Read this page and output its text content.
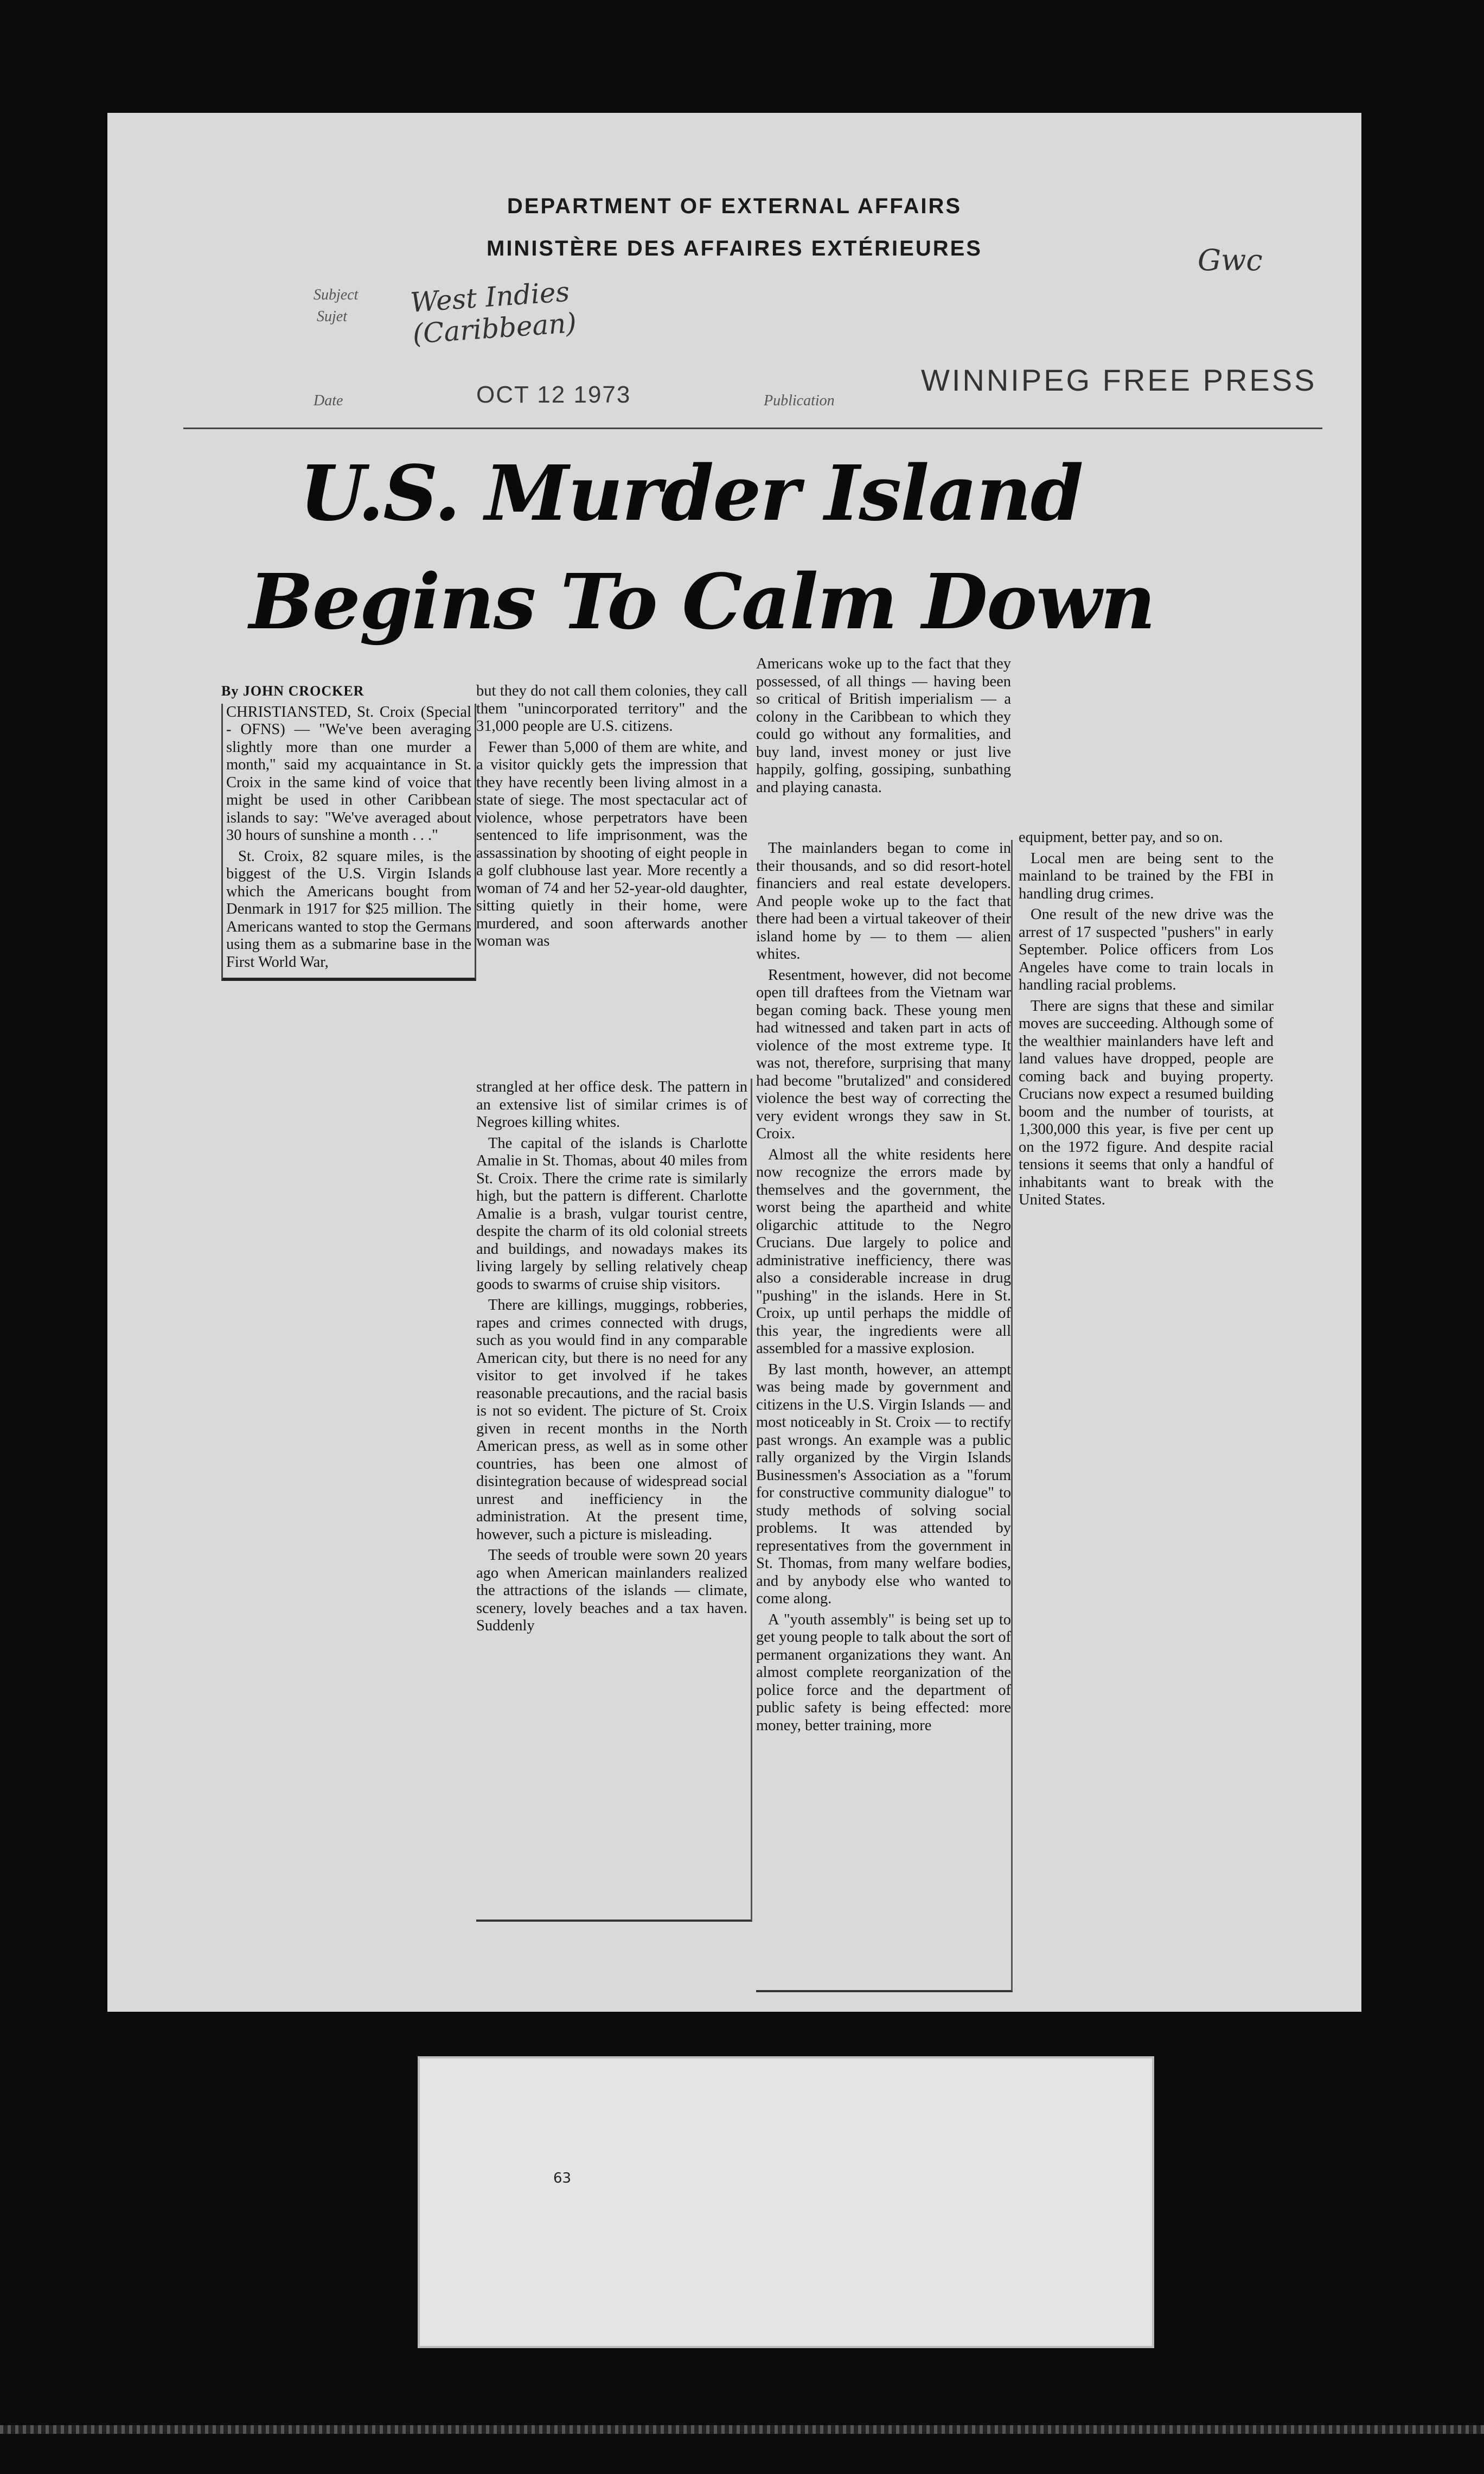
DEPARTMENT OF EXTERNAL AFFAIRS
MINISTÈRE DES AFFAIRES EXTÉRIEURES
Subject
Sujet West Indies (Caribbean)
Gwc
Date	OCT 12 1973	Publication
WINNIPEG FREE PRESS
U.S. Murder Island
Begins To Calm Down

By JOHN CROCKER

CHRISTIANSTED, St. Croix (Special - OFNS) — "We've been averaging slightly more than one murder a month," said my acquaintance in St. Croix in the same kind of voice that might be used in other Caribbean islands to say: "We've averaged about 30 hours of sunshine a month . . ."

St. Croix, 82 square miles, is the biggest of the U.S. Virgin Islands which the Americans bought from Denmark in 1917 for $25 million. The Americans wanted to stop the Germans using them as a submarine base in the First World War,

but they do not call them colonies, they call them "unincorporated territory" and the 31,000 people are U.S. citizens.

Fewer than 5,000 of them are white, and a visitor quickly gets the impression that they have recently been living almost in a state of siege. The most spectacular act of violence, whose perpetrators have been sentenced to life imprisonment, was the assassination by shooting of eight people in a golf clubhouse last year. More recently a woman of 74 and her 52-year-old daughter, sitting quietly in their home, were murdered, and soon afterwards another woman was

strangled at her office desk. The pattern in an extensive list of similar crimes is of Negroes killing whites.

The capital of the islands is Charlotte Amalie in St. Thomas, about 40 miles from St. Croix. There the crime rate is similarly high, but the pattern is different. Charlotte Amalie is a brash, vulgar tourist centre, despite the charm of its old colonial streets and buildings, and nowadays makes its living largely by selling relatively cheap goods to swarms of cruise ship visitors.

There are killings, muggings, robberies, rapes and crimes connected with drugs, such as you would find in any comparable American city, but there is no need for any visitor to get involved if he takes reasonable precautions, and the racial basis is not so evident. The picture of St. Croix given in recent months in the North American press, as well as in some other countries, has been one almost of disintegration because of widespread social unrest and inefficiency in the administration. At the present time, however, such a picture is misleading.

The seeds of trouble were sown 20 years ago when American mainlanders realized the attractions of the islands — climate, scenery, lovely beaches and a tax haven. Suddenly

Americans woke up to the fact that they possessed, of all things — having been so critical of British imperialism — a colony in the Caribbean to which they could go without any formalities, and buy land, invest money or just live happily, golfing, gossiping, sunbathing and playing canasta.

The mainlanders began to come in their thousands, and so did resort-hotel financiers and real estate developers. And people woke up to the fact that there had been a virtual takeover of their island home by — to them — alien whites.

Resentment, however, did not become open till draftees from the Vietnam war began coming back. These young men had witnessed and taken part in acts of violence of the most extreme type. It was not, therefore, surprising that many had become "brutalized" and considered violence the best way of correcting the very evident wrongs they saw in St. Croix.

Almost all the white residents here now recognize the errors made by themselves and the government, the worst being the apartheid and white oligarchic attitude to the Negro Crucians. Due largely to police and administrative inefficiency, there was also a considerable increase in drug "pushing" in the islands. Here in St. Croix, up until perhaps the middle of this year, the ingredients were all assembled for a massive explosion.

By last month, however, an attempt was being made by government and citizens in the U.S. Virgin Islands — and most noticeably in St. Croix — to rectify past wrongs. An example was a public rally organized by the Virgin Islands Businessmen's Association as a "forum for constructive community dialogue" to study methods of solving social problems. It was attended by representatives from the government in St. Thomas, from many welfare bodies, and by anybody else who wanted to come along.

A "youth assembly" is being set up to get young people to talk about the sort of permanent organizations they want. An almost complete reorganization of the police force and the department of public safety is being effected: more money, better training, more

equipment, better pay, and so on.

Local men are being sent to the mainland to be trained by the FBI in handling drug crimes.

One result of the new drive was the arrest of 17 suspected "pushers" in early September. Police officers from Los Angeles have come to train locals in handling racial problems.

There are signs that these and similar moves are succeeding. Although some of the wealthier mainlanders have left and land values have dropped, people are coming back and buying property. Crucians now expect a resumed building boom and the number of tourists, at 1,300,000 this year, is five per cent up on the 1972 figure. And despite racial tensions it seems that only a handful of inhabitants want to break with the United States.

63
